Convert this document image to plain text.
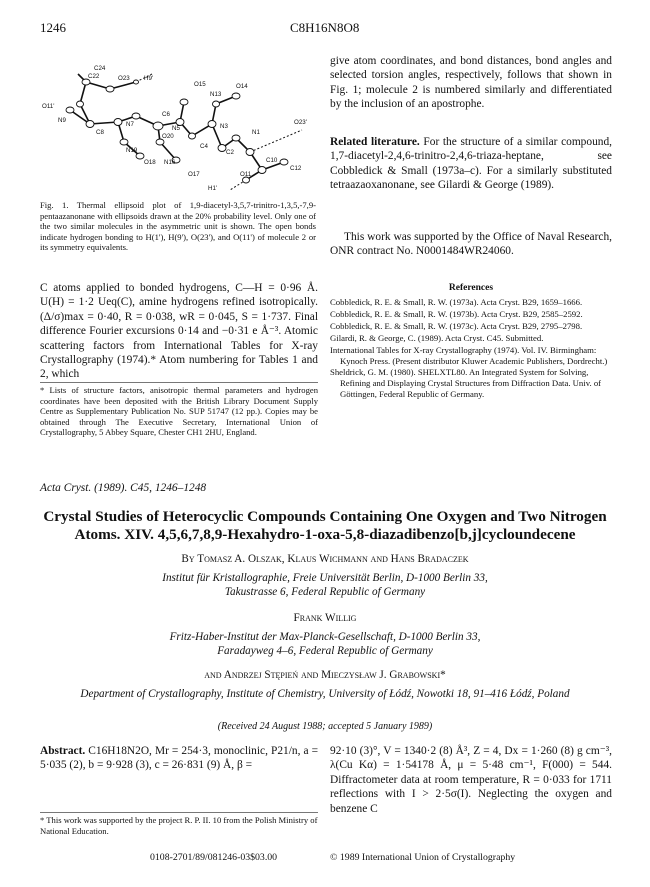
1246	C8H16N8O8
C22
C24
O23 H9'
O15	O14
O11'
C6
N13
N9
N7
N5	N3
N1
O23'
C8
O20
N19
O18 N16
C4
C2
O17	O11
C10
C12
H1'
Fig. 1. Thermal ellipsoid plot of 1,9-diacetyl-3,5,7-trinitro-1,3,5,-7,9-pentaazanonane with ellipsoids drawn at the 20% probability level. Only one of the two similar molecules in the asymmetric unit is shown. The open bonds indicate hydrogen bonding to H(1'), H(9'), O(23'), and O(11') of molecule 2 or its symmetry equivalents.
C atoms applied to bonded hydrogens, C—H = 0·96 Å. U(H) = 1·2 Ueq(C), amine hydrogens refined isotropically. (Δ/σ)max = 0·40, R = 0·038, wR = 0·045, S = 1·737. Final difference Fourier excursions 0·14 and −0·31 e Å⁻³. Atomic scattering factors from International Tables for X-ray Crystallography (1974).* Atom numbering for Tables 1 and 2, which
* Lists of structure factors, anisotropic thermal parameters and hydrogen coordinates have been deposited with the British Library Document Supply Centre as Supplementary Publication No. SUP 51747 (12 pp.). Copies may be obtained through The Executive Secretary, International Union of Crystallography, 5 Abbey Square, Chester CH1 2HU, England.
give atom coordinates, and bond distances, bond angles and selected torsion angles, respectively, follows that shown in Fig. 1; molecule 2 is numbered similarly and differentiated by the inclusion of an apostrophe.
Related literature. For the structure of a similar compound, 1,7-diacetyl-2,4,6-trinitro-2,4,6-triaza-heptane, see Cobbledick & Small (1973a–c). For a similarly substituted tetraazaoxanonane, see Gilardi & George (1989).
This work was supported by the Office of Naval Research, ONR contract No. N0001484WR24060.
References

Cobbledick, R. E. & Small, R. W. (1973a). Acta Cryst. B29, 1659–1666.

Cobbledick, R. E. & Small, R. W. (1973b). Acta Cryst. B29, 2585–2592.

Cobbledick, R. E. & Small, R. W. (1973c). Acta Cryst. B29, 2795–2798.

Gilardi, R. & George, C. (1989). Acta Cryst. C45. Submitted.

International Tables for X-ray Crystallography (1974). Vol. IV. Birmingham: Kynoch Press. (Present distributor Kluwer Academic Publishers, Dordrecht.)

Sheldrick, G. M. (1980). SHELXTL80. An Integrated System for Solving, Refining and Displaying Crystal Structures from Diffraction Data. Univ. of Göttingen, Federal Republic of Germany.

Acta Cryst. (1989). C45, 1246–1248
Crystal Studies of Heterocyclic Compounds Containing One Oxygen and Two Nitrogen Atoms. XIV. 4,5,6,7,8,9-Hexahydro-1-oxa-5,8-diazadibenzo[b,j]cycloundecene
By Tomasz A. Olszak, Klaus Wichmann and Hans Bradaczek
Institut für Kristallographie, Freie Universität Berlin, D-1000 Berlin 33, Takustrasse 6, Federal Republic of Germany
Frank Willig
Fritz-Haber-Institut der Max-Planck-Gesellschaft, D-1000 Berlin 33, Faradayweg 4–6, Federal Republic of Germany
and Andrzej Stępień and Mieczysław J. Grabowski*
Department of Crystallography, Institute of Chemistry, University of Łódź, Nowotki 18, 91–416 Łódź, Poland
(Received 24 August 1988; accepted 5 January 1989)
Abstract. C16H18N2O, Mr = 254·3, monoclinic, P21/n, a = 5·035 (2), b = 9·928 (3), c = 26·831 (9) Å, β =
92·10 (3)°, V = 1340·2 (8) Å³, Z = 4, Dx = 1·260 (8) g cm⁻³, λ(Cu Kα) = 1·54178 Å, μ = 5·48 cm⁻¹, F(000) = 544. Diffractometer data at room temperature, R = 0·033 for 1711 reflections with I > 2·5σ(I). Neglecting the oxygen and benzene C
* This work was supported by the project R. P. II. 10 from the Polish Ministry of National Education.
0108-2701/89/081246-03$03.00	© 1989 International Union of Crystallography
